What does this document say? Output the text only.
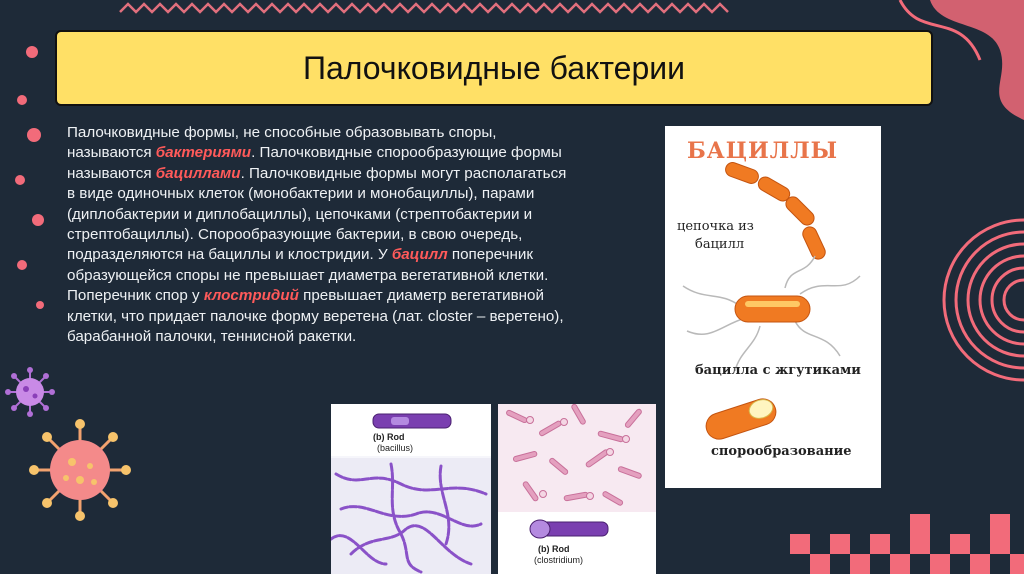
Палочковидные бактерии
Палочковидные формы, не способные образовывать споры, называются бактериями. Палочковидные спорообразующие формы называются бациллами. Палочковидные формы могут располагаться в виде одиночных клеток (монобактерии и монобациллы), парами (диплобактерии и диплобациллы), цепочками (стрептобактерии и стрептобациллы). Спорообразующие бактерии, в свою очередь, подразделяются на бациллы и клостридии. У бацилл поперечник образующейся споры не превышает диаметра вегетативной клетки. Поперечник спор у клостридий превышает диаметр вегетативной клетки, что придает палочке форму веретена (лат. closter – веретено), барабанной палочки, теннисной ракетки.
БАЦИЛЛЫ
цепочка из
бацилл
бацилла с жгутиками
спорообразование
(b) Rod
(bacillus)
(b) Rod
(clostridium)
